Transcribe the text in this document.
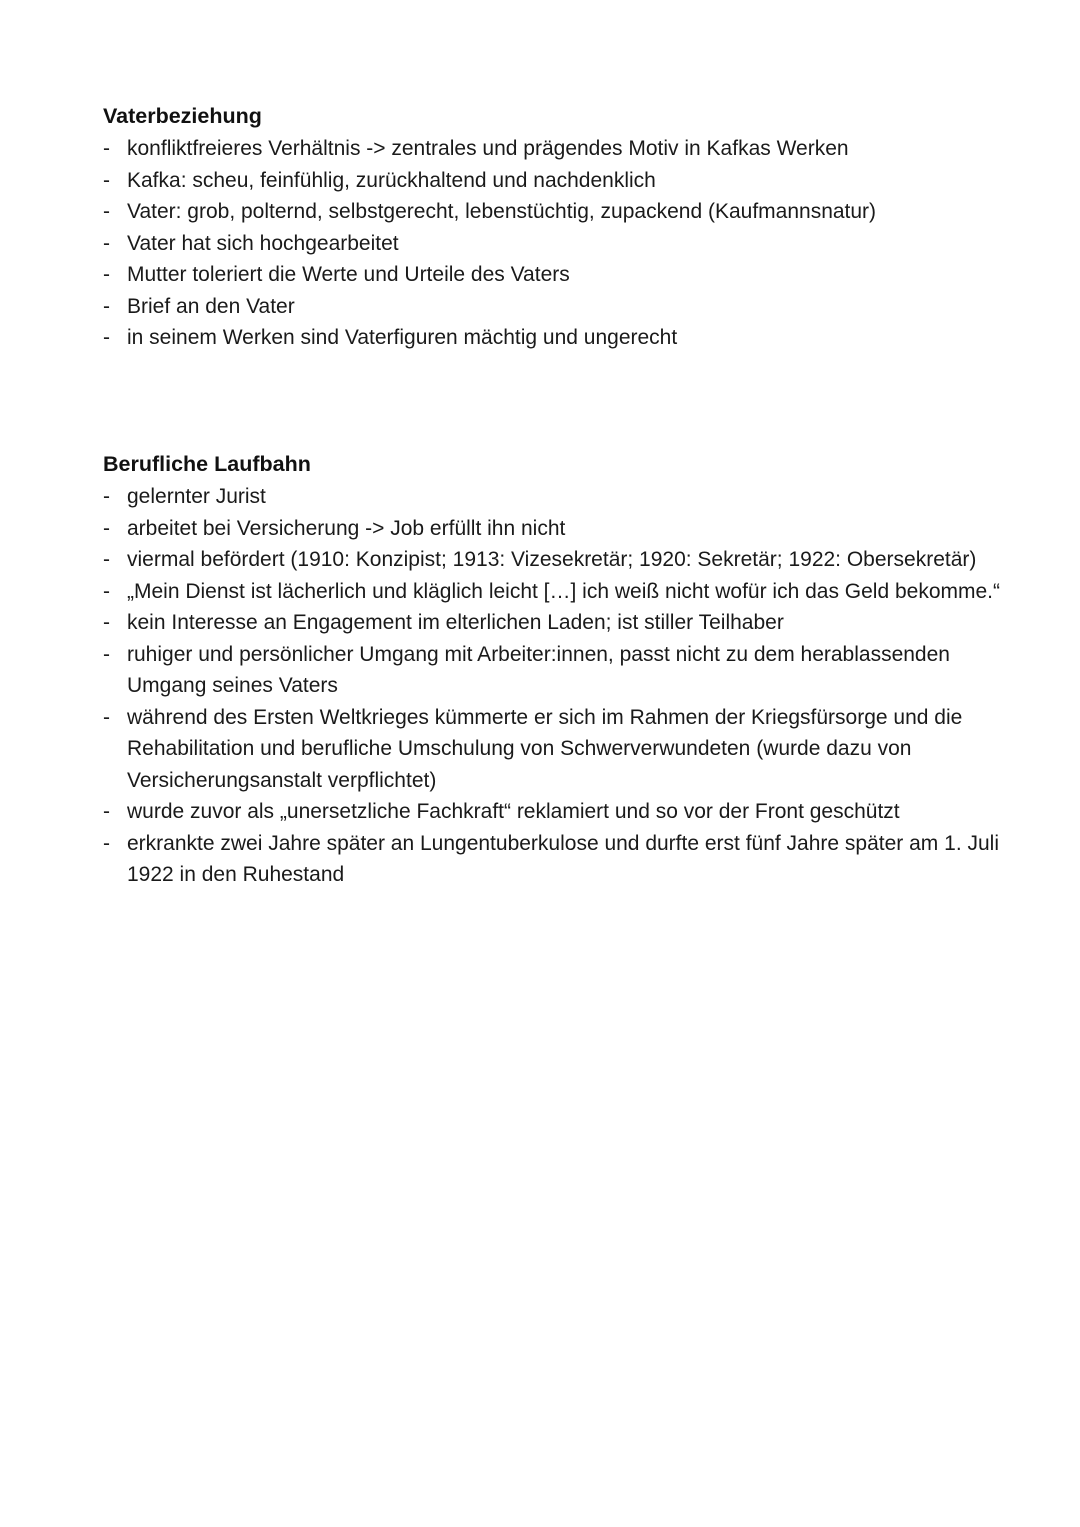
Vaterbeziehung
- konfliktfreieres Verhältnis -> zentrales und prägendes Motiv in Kafkas Werken
- Kafka: scheu, feinfühlig, zurückhaltend und nachdenklich
- Vater: grob, polternd, selbstgerecht, lebenstüchtig, zupackend (Kaufmannsnatur)
- Vater hat sich hochgearbeitet
- Mutter toleriert die Werte und Urteile des Vaters
- Brief an den Vater
- in seinem Werken sind Vaterfiguren mächtig und ungerecht
Berufliche Laufbahn
- gelernter Jurist
- arbeitet bei Versicherung -> Job erfüllt ihn nicht
- viermal befördert (1910: Konzipist; 1913: Vizesekretär; 1920: Sekretär; 1922: Obersekretär)
- „Mein Dienst ist lächerlich und kläglich leicht […] ich weiß nicht wofür ich das Geld bekomme.“
- kein Interesse an Engagement im elterlichen Laden; ist stiller Teilhaber
- ruhiger und persönlicher Umgang mit Arbeiter:innen, passt nicht zu dem herablassenden Umgang seines Vaters
- während des Ersten Weltkrieges kümmerte er sich im Rahmen der Kriegsfürsorge und die Rehabilitation und berufliche Umschulung von Schwerverwundeten (wurde dazu von Versicherungsanstalt verpflichtet)
- wurde zuvor als „unersetzliche Fachkraft“ reklamiert und so vor der Front geschützt
- erkrankte zwei Jahre später an Lungentuberkulose und durfte erst fünf Jahre später am 1. Juli 1922 in den Ruhestand
